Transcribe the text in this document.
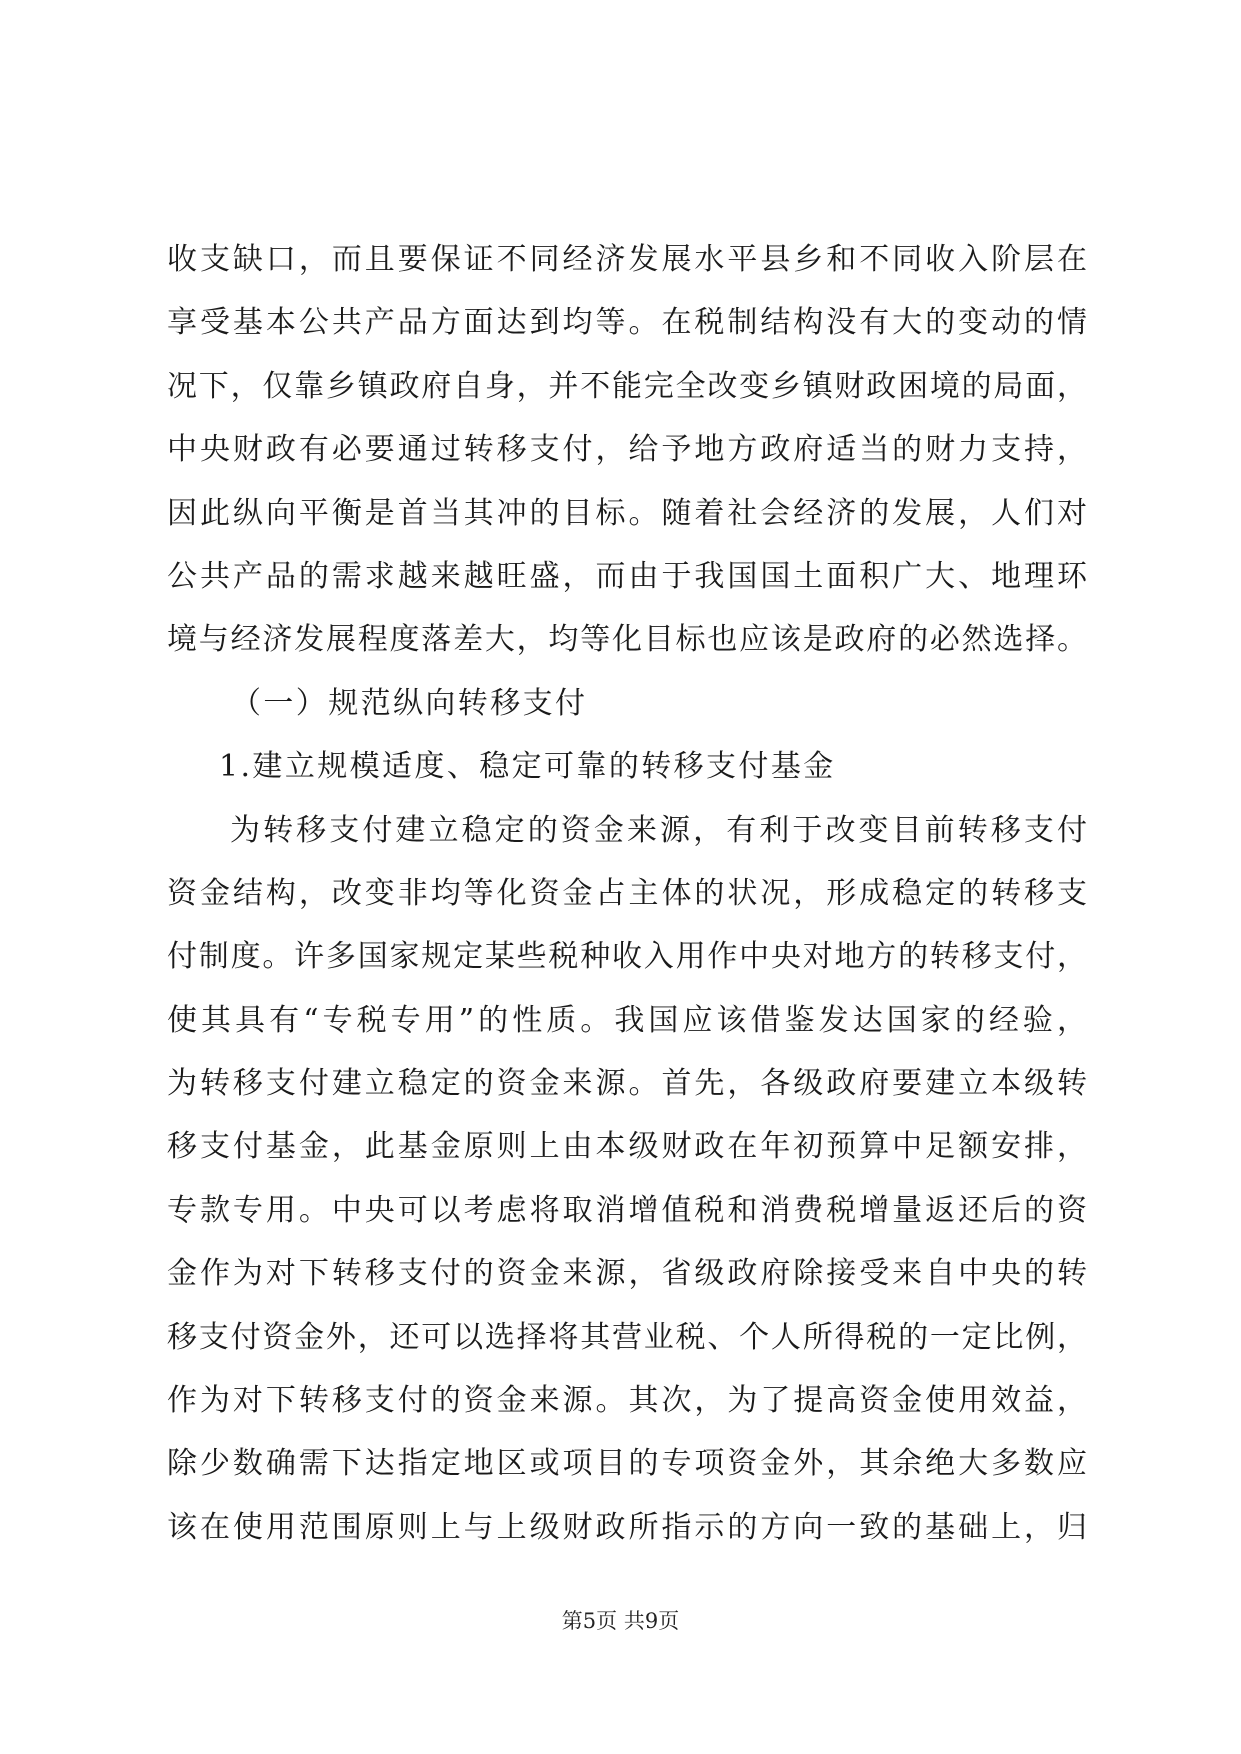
收支缺口，而且要保证不同经济发展水平县乡和不同收入阶层在
享受基本公共产品方面达到均等。在税制结构没有大的变动的情
况下，仅靠乡镇政府自身，并不能完全改变乡镇财政困境的局面，
中央财政有必要通过转移支付，给予地方政府适当的财力支持，
因此纵向平衡是首当其冲的目标。随着社会经济的发展，人们对
公共产品的需求越来越旺盛，而由于我国国土面积广大、地理环
境与经济发展程度落差大，均等化目标也应该是政府的必然选择。
（一）规范纵向转移支付
1.建立规模适度、稳定可靠的转移支付基金
为转移支付建立稳定的资金来源，有利于改变目前转移支付
资金结构，改变非均等化资金占主体的状况，形成稳定的转移支
付制度。许多国家规定某些税种收入用作中央对地方的转移支付，
使其具有“专税专用”的性质。我国应该借鉴发达国家的经验，
为转移支付建立稳定的资金来源。首先，各级政府要建立本级转
移支付基金，此基金原则上由本级财政在年初预算中足额安排，
专款专用。中央可以考虑将取消增值税和消费税增量返还后的资
金作为对下转移支付的资金来源，省级政府除接受来自中央的转
移支付资金外，还可以选择将其营业税、个人所得税的一定比例，
作为对下转移支付的资金来源。其次，为了提高资金使用效益，
除少数确需下达指定地区或项目的专项资金外，其余绝大多数应
该在使用范围原则上与上级财政所指示的方向一致的基础上，归
第5页 共9页
